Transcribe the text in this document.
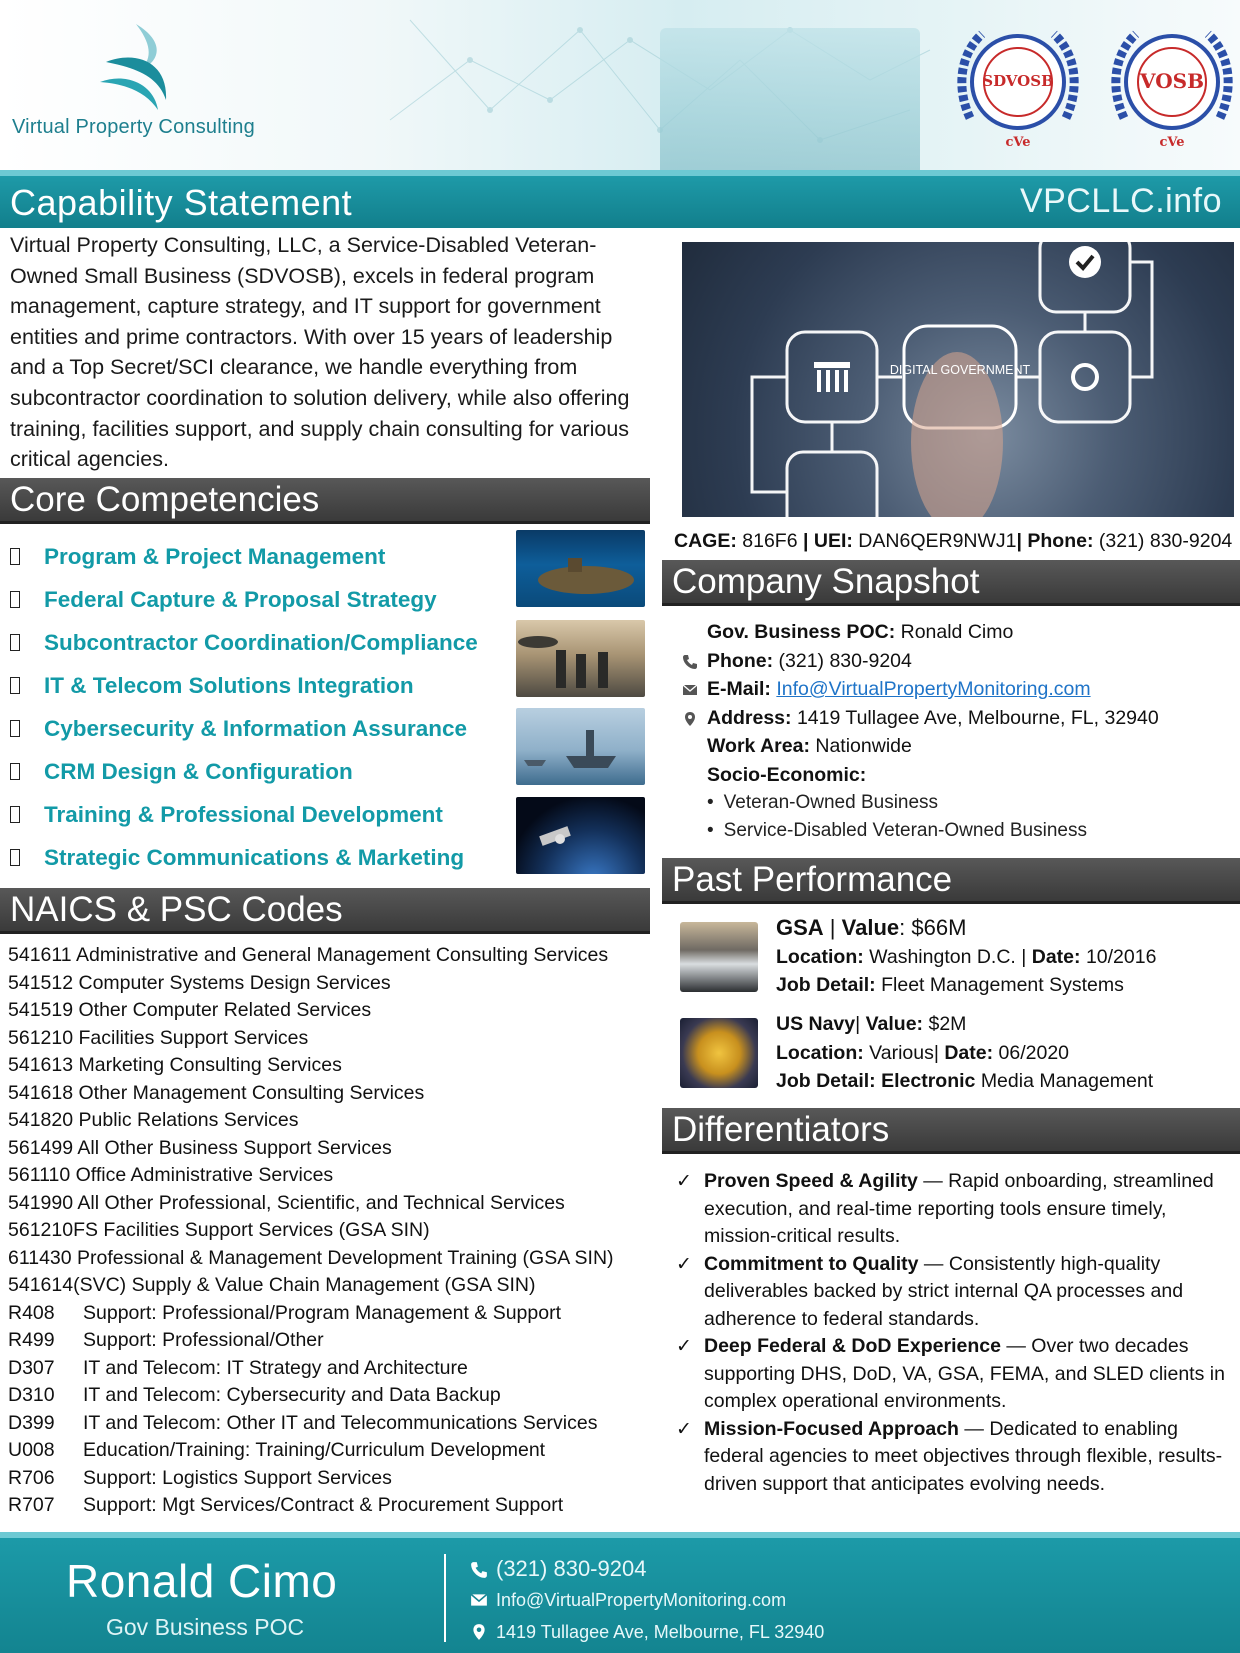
Virtual Property Consulting
cVe
SDVOSB
cVe
VOSB
Capability Statement	VPCLLC.info

Virtual Property Consulting, LLC, a Service-Disabled Veteran-Owned Small Business (SDVOSB), excels in federal program management, capture strategy, and IT support for government entities and prime contractors. With over 15 years of leadership and a Top Secret/SCI clearance, we handle everything from subcontractor coordination to solution delivery, while also offering training, facilities support, and supply chain consulting for various critical agencies.

Core Competencies
Program & Project Management
Federal Capture & Proposal Strategy
Subcontractor Coordination/Compliance
IT & Telecom Solutions Integration
Cybersecurity & Information Assurance
CRM Design & Configuration
Training & Professional Development
Strategic Communications & Marketing
NAICS & PSC Codes
541611 Administrative and General Management Consulting Services
541512 Computer Systems Design Services
541519 Other Computer Related Services
561210 Facilities Support Services
541613 Marketing Consulting Services
541618 Other Management Consulting Services
541820 Public Relations Services
561499 All Other Business Support Services
561110 Office Administrative Services
541990 All Other Professional, Scientific, and Technical Services
561210FS Facilities Support Services (GSA SIN)
611430 Professional & Management Development Training (GSA SIN)
541614(SVC) Supply & Value Chain Management (GSA SIN)
R408 Support: Professional/Program Management & Support
R499 Support: Professional/Other
D307 IT and Telecom: IT Strategy and Architecture
D310 IT and Telecom: Cybersecurity and Data Backup
D399 IT and Telecom: Other IT and Telecommunications Services
U008 Education/Training: Training/Curriculum Development
R706 Support: Logistics Support Services
R707 Support: Mgt Services/Contract & Procurement Support
DIGITAL GOVERNMENT
CAGE: 816F6 | UEI: DAN6QER9NWJ1| Phone: (321) 830-9204
Company Snapshot
Gov. Business POC: Ronald Cimo
Phone: (321) 830-9204
E-Mail: Info@VirtualPropertyMonitoring.com
Address: 1419 Tullagee Ave, Melbourne, FL, 32940
Work Area: Nationwide
Socio-Economic:
• Veteran-Owned Business
• Service-Disabled Veteran-Owned Business
Past Performance
GSA | Value: $66M
Location: Washington D.C. | Date: 10/2016
Job Detail: Fleet Management Systems
US Navy| Value: $2M
Location: Various| Date: 06/2020
Job Detail: Electronic Media Management
Differentiators
✓ Proven Speed & Agility — Rapid onboarding, streamlined execution, and real-time reporting tools ensure timely, mission-critical results.
✓ Commitment to Quality — Consistently high-quality deliverables backed by strict internal QA processes and adherence to federal standards.
✓ Deep Federal & DoD Experience — Over two decades supporting DHS, DoD, VA, GSA, FEMA, and SLED clients in complex operational environments.
✓ Mission-Focused Approach — Dedicated to enabling federal agencies to meet objectives through flexible, results-driven support that anticipates evolving needs.
Ronald Cimo
Gov Business POC
(321) 830-9204
Info@VirtualPropertyMonitoring.com
1419 Tullagee Ave, Melbourne, FL 32940
